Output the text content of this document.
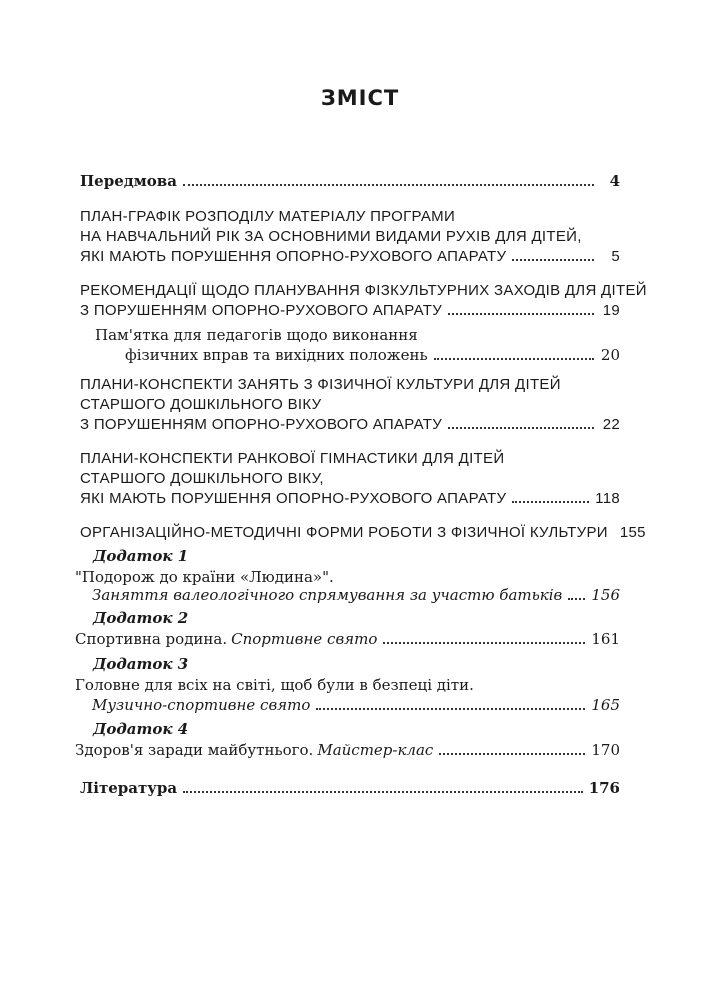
ЗМІСТ
Передмова	4
ПЛАН-ГРАФІК РОЗПОДІЛУ МАТЕРІАЛУ ПРОГРАМИ
НА НАВЧАЛЬНИЙ РІК ЗА ОСНОВНИМИ ВИДАМИ РУХІВ ДЛЯ ДІТЕЙ,
ЯКІ МАЮТЬ ПОРУШЕННЯ ОПОРНО-РУХОВОГО АПАРАТУ	5
РЕКОМЕНДАЦІЇ ЩОДО ПЛАНУВАННЯ ФІЗКУЛЬТУРНИХ ЗАХОДІВ ДЛЯ ДІТЕЙ
З ПОРУШЕННЯМ ОПОРНО-РУХОВОГО АПАРАТУ	19
Пам'ятка для педагогів щодо виконання
фізичних вправ та вихідних положень	20
ПЛАНИ-КОНСПЕКТИ ЗАНЯТЬ З ФІЗИЧНОЇ КУЛЬТУРИ ДЛЯ ДІТЕЙ
СТАРШОГО ДОШКІЛЬНОГО ВІКУ
З ПОРУШЕННЯМ ОПОРНО-РУХОВОГО АПАРАТУ	22
ПЛАНИ-КОНСПЕКТИ РАНКОВОЇ ГІМНАСТИКИ ДЛЯ ДІТЕЙ
СТАРШОГО ДОШКІЛЬНОГО ВІКУ,
ЯКІ МАЮТЬ ПОРУШЕННЯ ОПОРНО-РУХОВОГО АПАРАТУ	118
ОРГАНІЗАЦІЙНО-МЕТОДИЧНІ ФОРМИ РОБОТИ З ФІЗИЧНОЇ КУЛЬТУРИ 155
Додаток 1
"Подорож до країни «Людина»".
Заняття валеологічного спрямування за участю батьків 156
Додаток 2
Спортивна родина. Спортивне свято	161
Додаток 3
Головне для всіх на світі, щоб були в безпеці діти.
Музично-спортивне свято	165
Додаток 4
Здоров'я заради майбутнього. Майстер-клас	170
Література	176
